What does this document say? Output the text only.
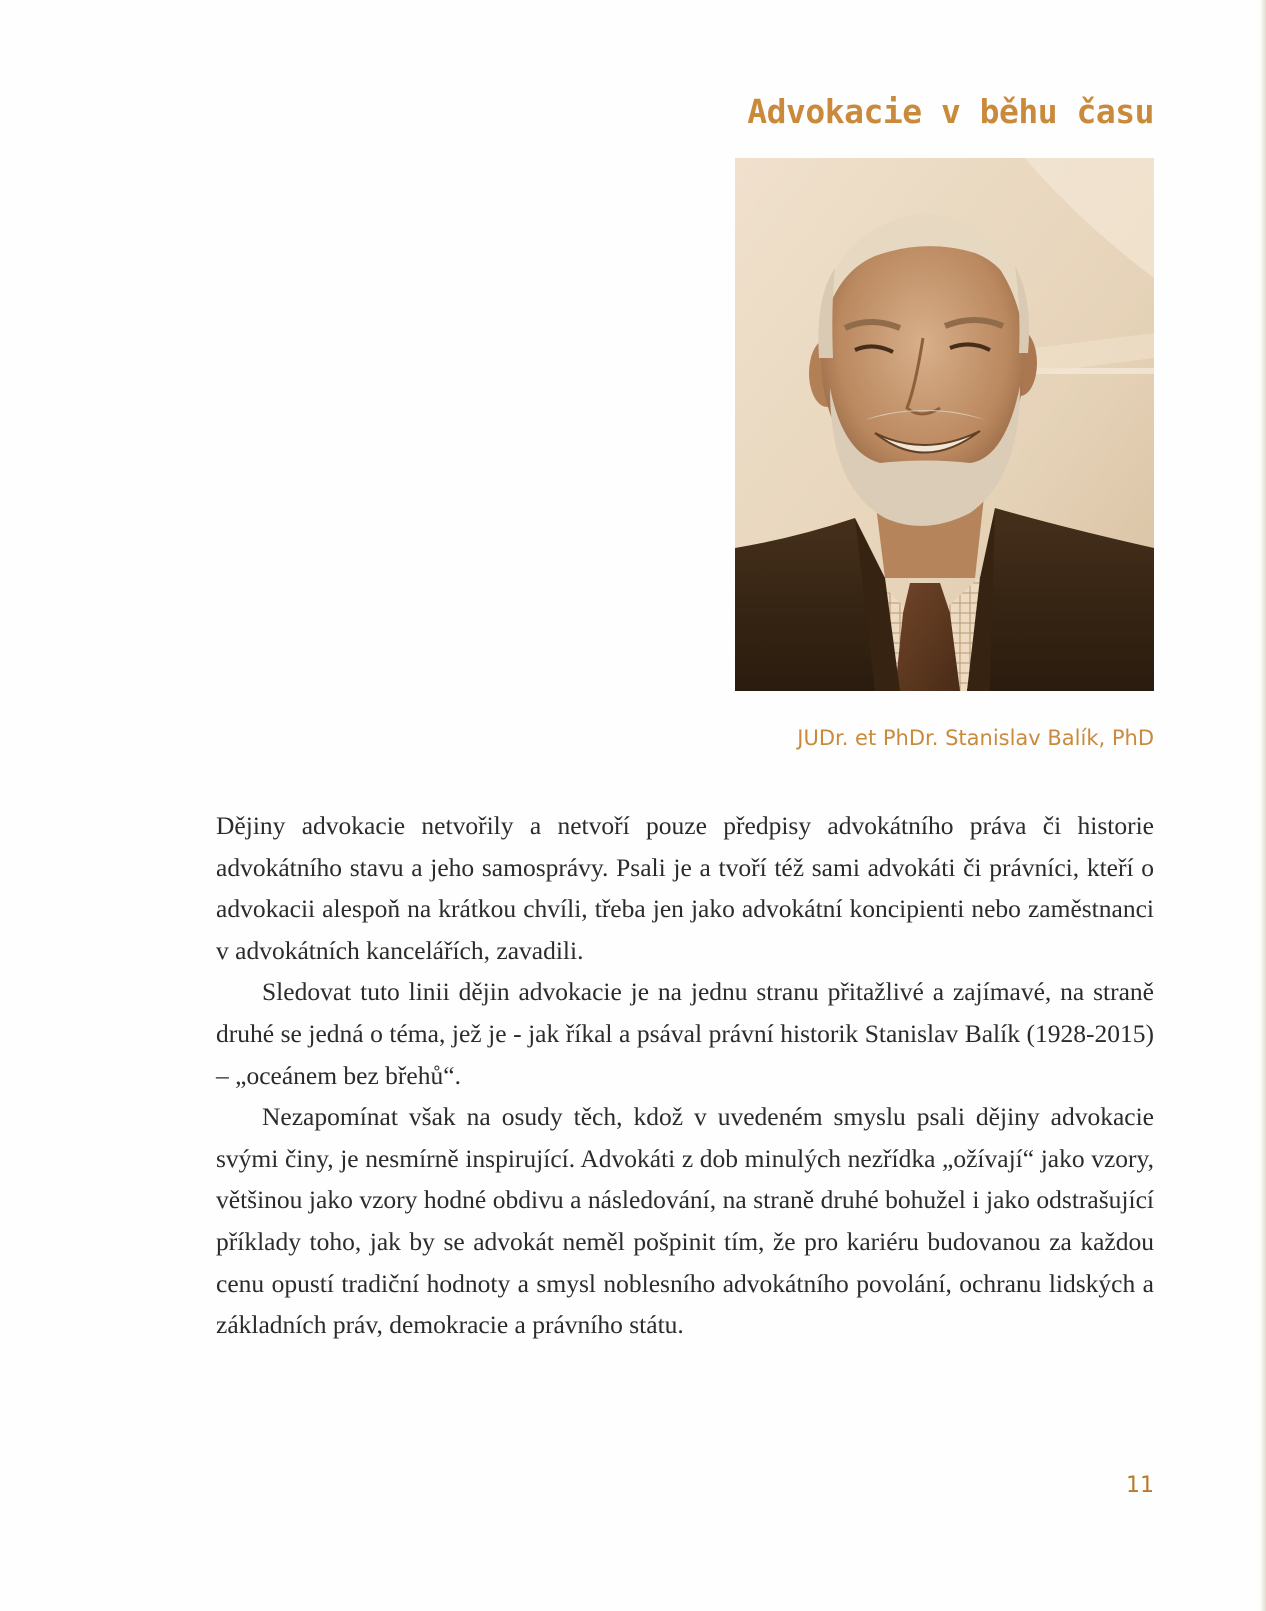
Advokacie v běhu času

JUDr. et PhDr. Stanislav Balík, PhD

Dějiny advokacie netvořily a netvoří pouze předpisy advokátního práva či historie advokátního stavu a jeho samosprávy. Psali je a tvoří též sami advokáti či právníci, kteří o advokacii alespoň na krátkou chvíli, třeba jen jako advokátní koncipienti nebo zaměstnanci v advokátních kancelářích, zavadili.

Sledovat tuto linii dějin advokacie je na jednu stranu přitažlivé a zajímavé, na straně druhé se jedná o téma, jež je - jak říkal a psával právní historik Stanislav Balík (1928-2015) – „oceánem bez břehů“.

Nezapomínat však na osudy těch, kdož v uvedeném smyslu psali dějiny advokacie svými činy, je nesmírně inspirující. Advokáti z dob minulých nezřídka „ožívají“ jako vzory, většinou jako vzory hodné obdivu a následování, na straně druhé bohužel i jako odstrašující příklady toho, jak by se advokát neměl pošpinit tím, že pro kariéru budovanou za každou cenu opustí tradiční hodnoty a smysl noblesního advokátního povolání, ochranu lidských a základních práv, demokracie a právního státu.

11
